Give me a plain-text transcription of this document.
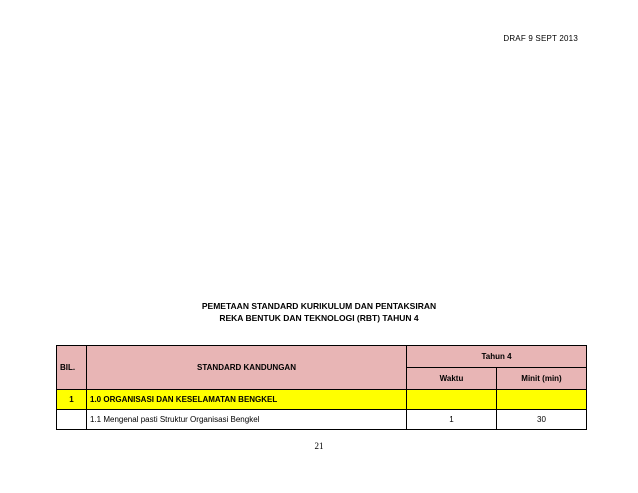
DRAF 9 SEPT 2013
PEMETAAN STANDARD KURIKULUM DAN PENTAKSIRAN
REKA BENTUK DAN TEKNOLOGI (RBT) TAHUN 4
BIL.	STANDARD KANDUNGAN	Tahun 4	
		Waktu	Minit (min)
1	1.0 ORGANISASI DAN KESELAMATAN BENGKEL		
	1.1 Mengenal pasti Struktur Organisasi Bengkel	1	30
21
